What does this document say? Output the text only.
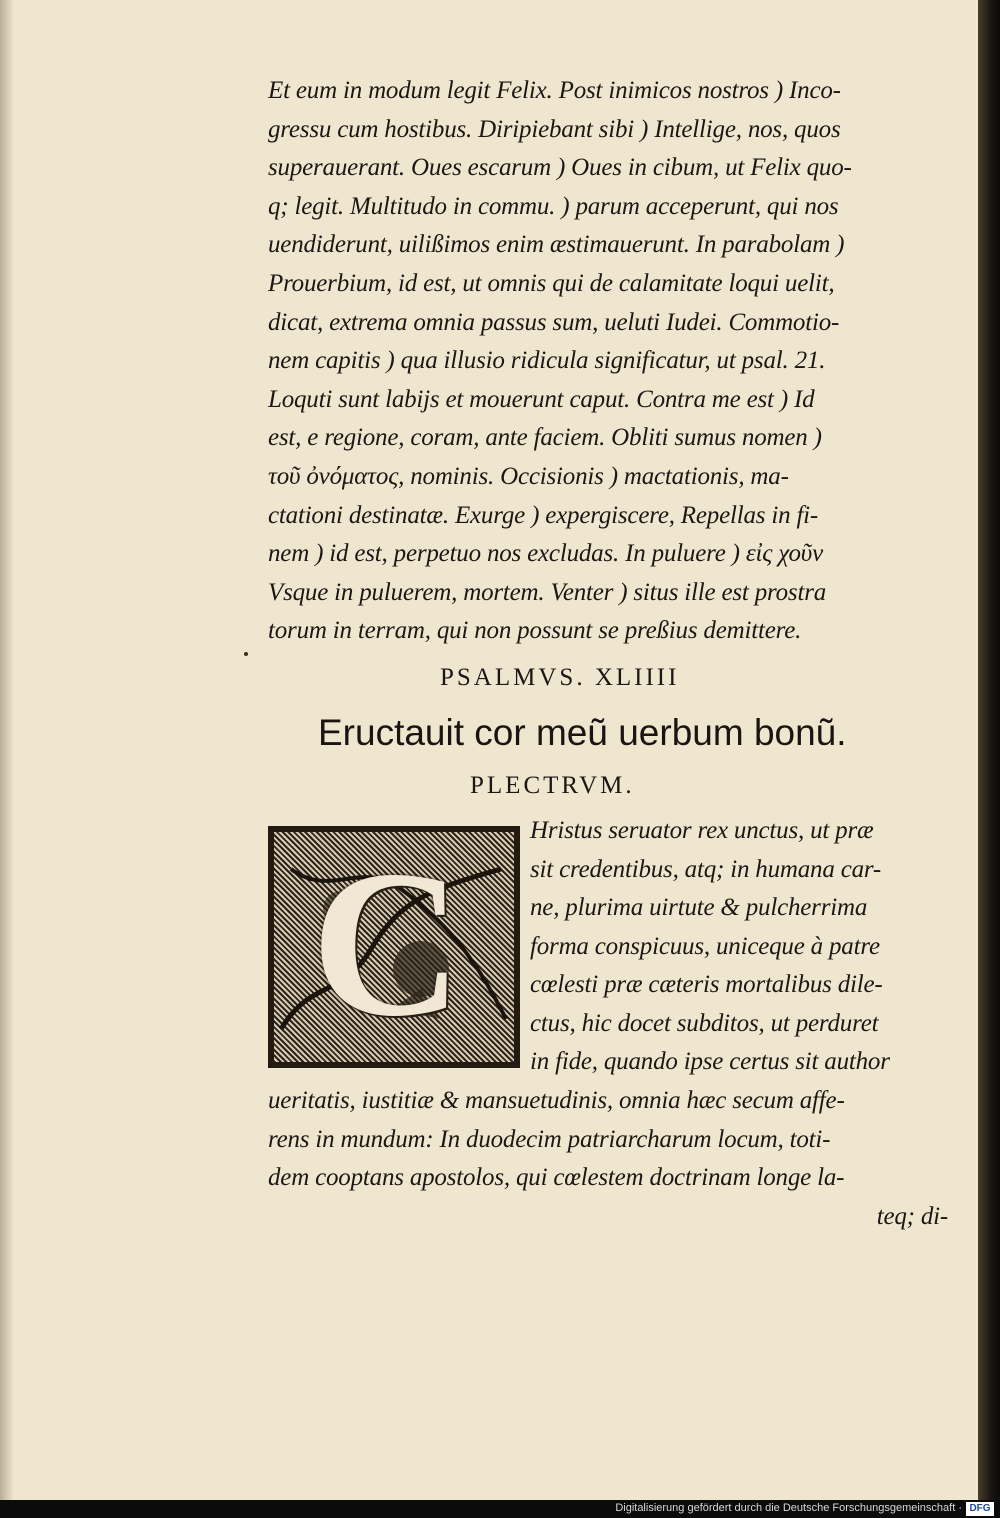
Et eum in modum legit Felix. Post inimicos nostros ) Inco-
gressu cum hostibus. Diripiebant sibi ) Intellige, nos, quos
superauerant. Oues escarum ) Oues in cibum, ut Felix quo-
q; legit. Multitudo in commu. ) parum acceperunt, qui nos
uendiderunt, uilißimos enim æstimauerunt. In parabolam )
Prouerbium, id est, ut omnis qui de calamitate loqui uelit,
dicat, extrema omnia passus sum, ueluti Iudei. Commotio-
nem capitis ) qua illusio ridicula significatur, ut psal. 21.
Loquti sunt labijs et mouerunt caput. Contra me est ) Id
est, e regione, coram, ante faciem. Obliti sumus nomen )
τοῦ ὀνόματος, nominis. Occisionis ) mactationis, ma-
ctationi destinatæ. Exurge ) expergiscere, Repellas in fi-
nem ) id est, perpetuo nos excludas. In puluere ) εἰς χοῦν
Vsque in puluerem, mortem. Venter ) situs ille est prostra
torum in terram, qui non possunt se preßius demittere.
PSALMVS. XLIIII
Eructauit cor meũ uerbum bonũ.
PLECTRVM.
C	Hristus seruator rex unctus, ut præ
sit credentibus, atq; in humana car-
ne, plurima uirtute & pulcherrima
forma conspicuus, uniceque à patre
cœlesti præ cæteris mortalibus dile-
ctus, hic docet subditos, ut perduret
in fide, quando ipse certus sit author
ueritatis, iustitiæ & mansuetudinis, omnia hæc secum affe-
rens in mundum: In duodecim patriarcharum locum, toti-
dem cooptans apostolos, qui cœlestem doctrinam longe la-
teq; di-
Digitalisierung gefördert durch die Deutsche Forschungsgemeinschaft · DFG
